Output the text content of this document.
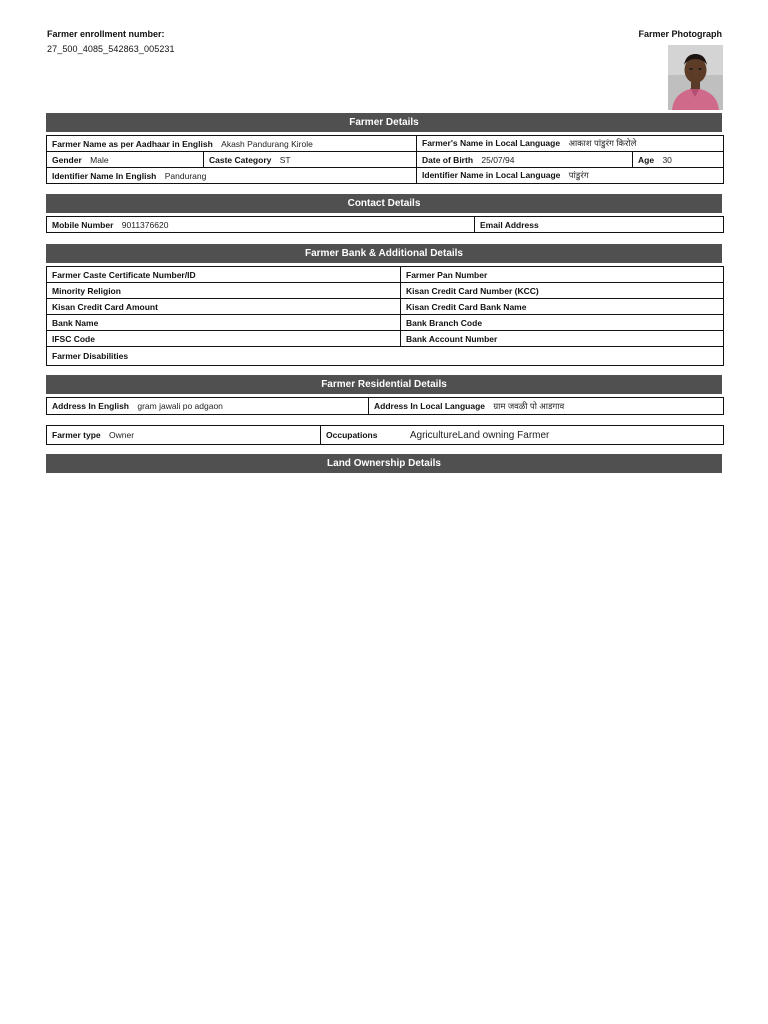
Farmer enrollment number:
27_500_4085_542863_005231
Farmer Photograph
Farmer Details
Farmer Name as per Aadhaar in English Akash Pandurang Kirole		Farmer's Name in Local Language आकाश पांडुरंग किरोले	
Gender Male	Caste Category ST	Date of Birth 25/07/94	Age 30
Identifier Name In English Pandurang		Identifier Name in Local Language पांडुरंग	
Contact Details
Mobile Number 9011376620	Email Address
Farmer Bank & Additional Details
Farmer Caste Certificate Number/ID	Farmer Pan Number
Minority Religion	Kisan Credit Card Number (KCC)
Kisan Credit Card Amount	Kisan Credit Card Bank Name
Bank Name	Bank Branch Code
IFSC Code	Bank Account Number
Farmer Disabilities	
Farmer Residential Details
Address In English gram jawali po adgaon	Address In Local Language ग्राम जवळी पो आडगाव
Farmer type Owner	Occupations	AgricultureLand owning Farmer
Land Ownership Details
